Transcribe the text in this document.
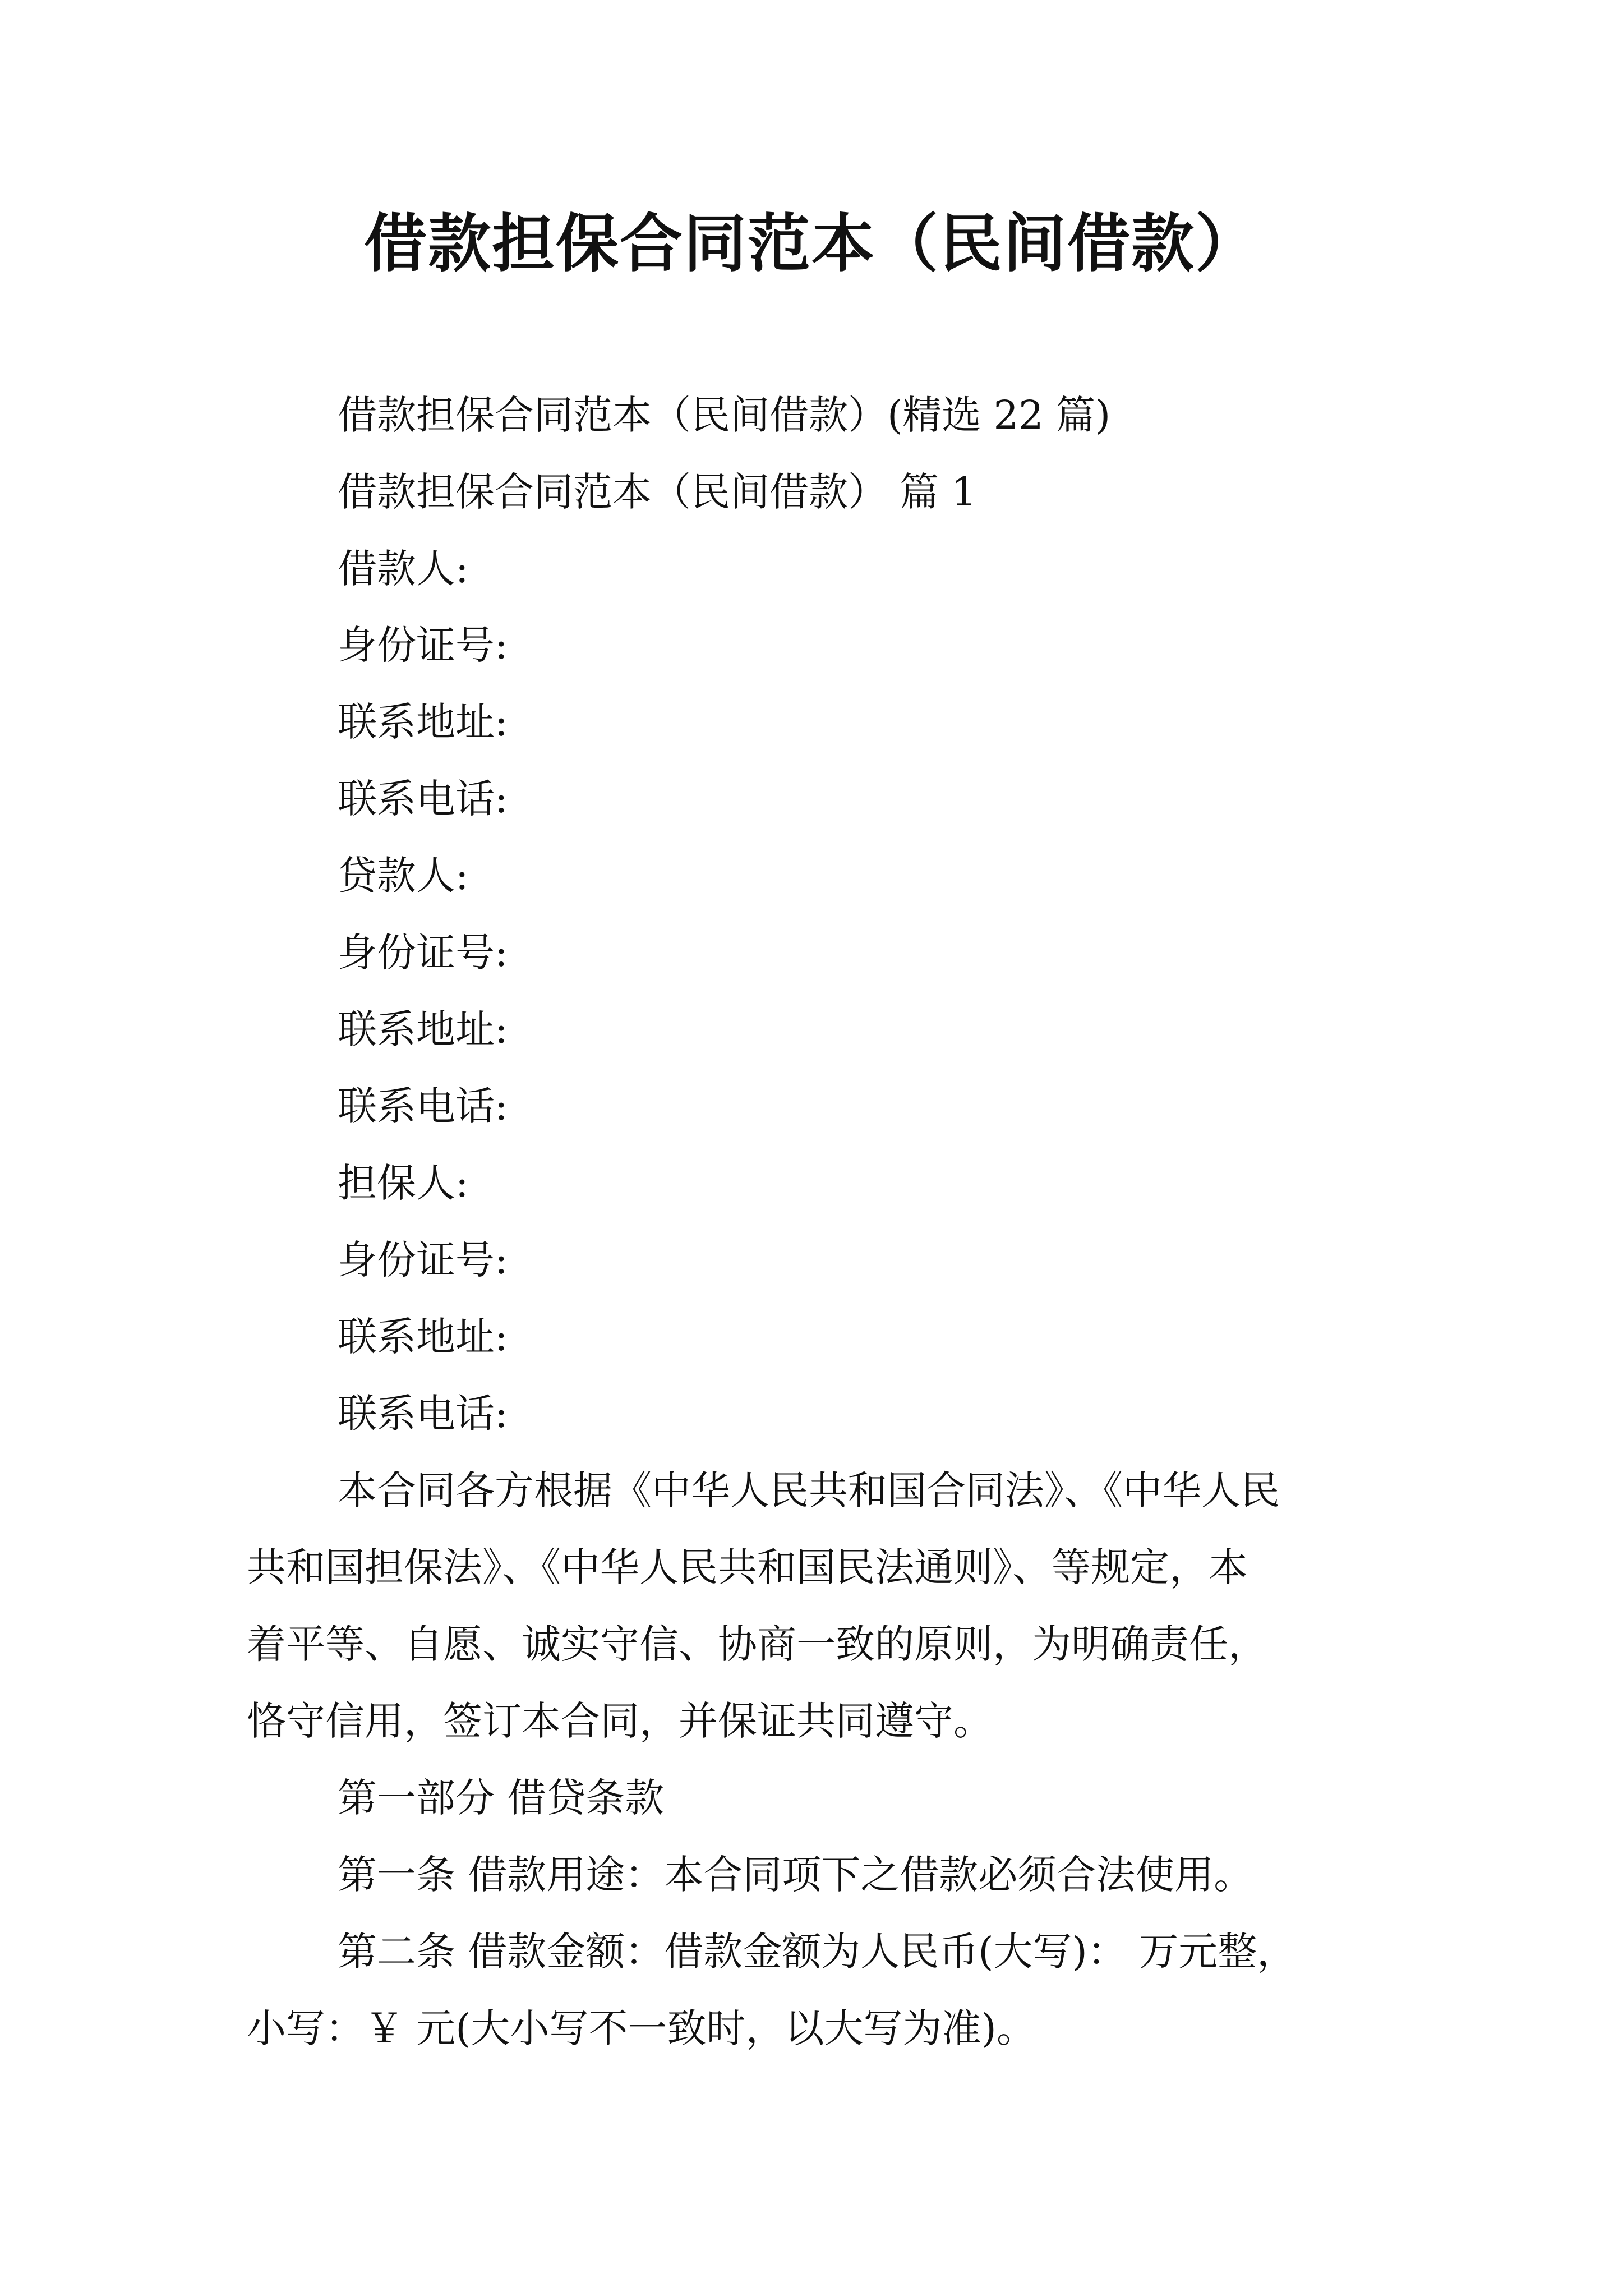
借款担保合同范本（民间借款）

借款担保合同范本（民间借款）(精选 22 篇)

借款担保合同范本（民间借款） 篇 1

借款人:

身份证号:

联系地址:

联系电话:

贷款人:

身份证号:

联系地址:

联系电话:

担保人:

身份证号:

联系地址:

联系电话:

本合同各方根据《中华人民共和国合同法》、《中华人民

共和国担保法》、《中华人民共和国民法通则》、等规定，本

着平等、自愿、诚实守信、协商一致的原则，为明确责任，

恪守信用，签订本合同，并保证共同遵守。

第一部分 借贷条款

第一条 借款用途：本合同项下之借款必须合法使用。

第二条 借款金额：借款金额为人民币(大写)： 万元整，

小写：￥ 元(大小写不一致时，以大写为准)。
